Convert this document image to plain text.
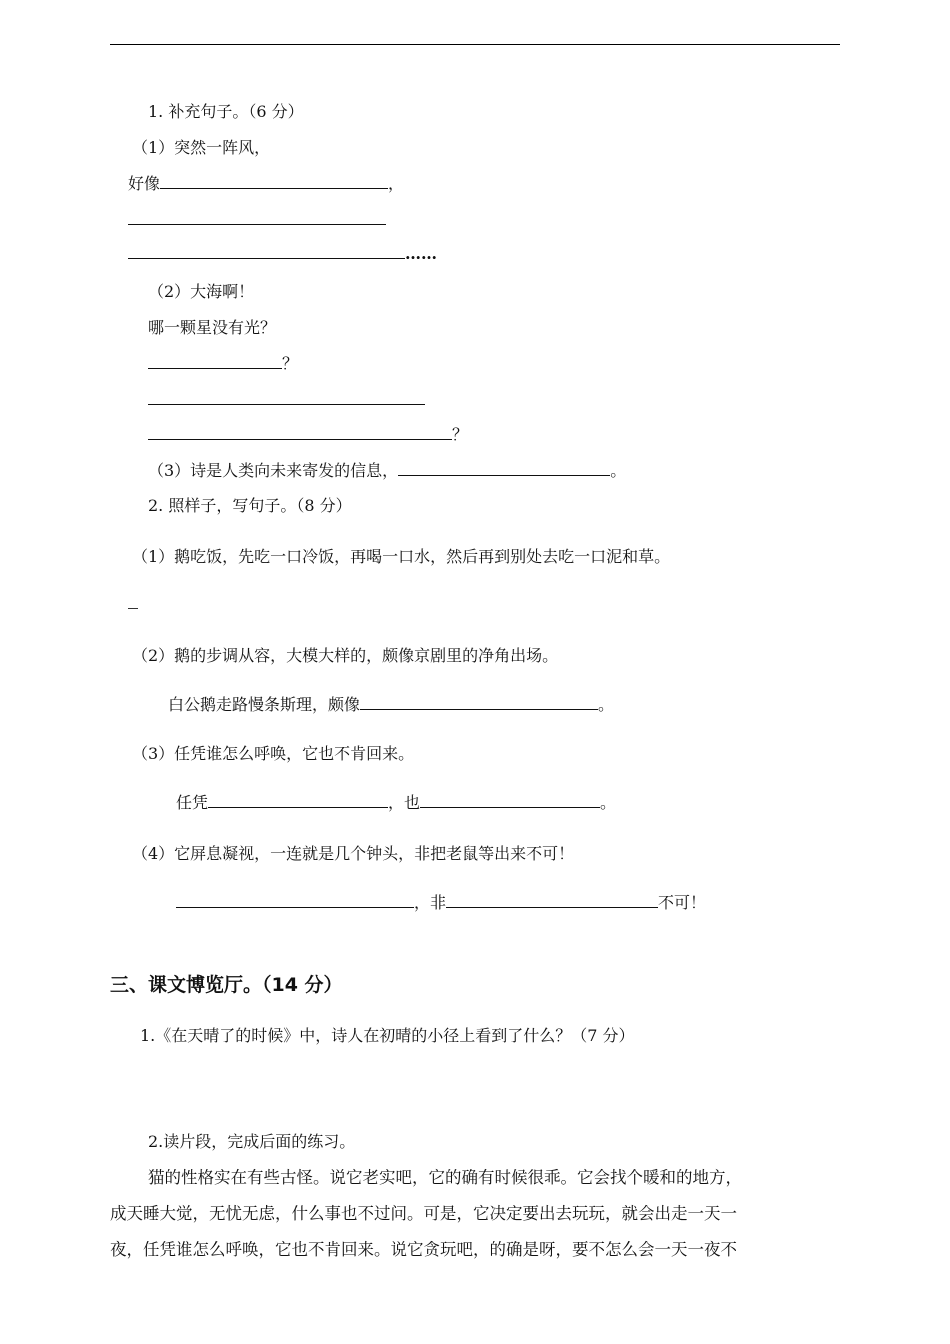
1. 补充句子。（6 分）
（1）突然一阵风，
好像	，
……
（2）大海啊！
哪一颗星没有光？
？
？
（3）诗是人类向未来寄发的信息，	。
2. 照样子，写句子。（8 分）
（1）鹅吃饭，先吃一口冷饭，再喝一口水，然后再到别处去吃一口泥和草。
（2）鹅的步调从容，大模大样的，颇像京剧里的净角出场。
白公鹅走路慢条斯理，颇像	。
（3）任凭谁怎么呼唤，它也不肯回来。
任凭	，也	。
（4）它屏息凝视，一连就是几个钟头，非把老鼠等出来不可！
，非	不可！
三、课文博览厅。（14 分）
1.《在天晴了的时候》中，诗人在初晴的小径上看到了什么？（7 分）
2.读片段，完成后面的练习。
猫的性格实在有些古怪。说它老实吧，它的确有时候很乖。它会找个暖和的地方，
成天睡大觉，无忧无虑，什么事也不过问。可是，它决定要出去玩玩，就会出走一天一
夜，任凭谁怎么呼唤，它也不肯回来。说它贪玩吧，的确是呀，要不怎么会一天一夜不
